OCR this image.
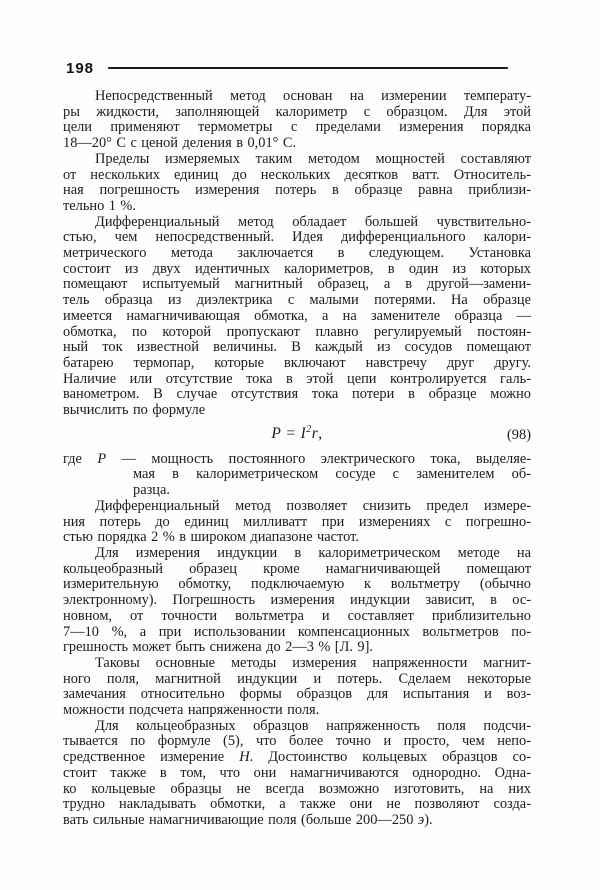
198
Непосредственный метод основан на измерении температу-
ры жидкости, заполняющей калориметр с образцом. Для этой
цели применяют термометры с пределами измерения порядка
18—20° С с ценой деления в 0,01° С.
Пределы измеряемых таким методом мощностей составляют
от нескольких единиц до нескольких десятков ватт. Относитель-
ная погрешность измерения потерь в образце равна приблизи-
тельно 1 %.
Дифференциальный метод обладает большей чувствительно-
стью, чем непосредственный. Идея дифференциального калори-
метрического метода заключается в следующем. Установка
состоит из двух идентичных калориметров, в один из которых
помещают испытуемый магнитный образец, а в другой—замени-
тель образца из диэлектрика с малыми потерями. На образце
имеется намагничивающая обмотка, а на заменителе образца —
обмотка, по которой пропускают плавно регулируемый постоян-
ный ток известной величины. В каждый из сосудов помещают
батарею термопар, которые включают навстречу друг другу.
Наличие или отсутствие тока в этой цепи контролируется галь-
ванометром. В случае отсутствия тока потери в образце можно
вычислить по формуле
$P = I^2r$,	(98)
где P — мощность постоянного электрического тока, выделяе-
мая в калориметрическом сосуде с заменителем об-
разца.
Дифференциальный метод позволяет снизить предел измере-
ния потерь до единиц милливатт при измерениях с погрешно-
стью порядка 2 % в широком диапазоне частот.
Для измерения индукции в калориметрическом методе на
кольцеобразный образец кроме намагничивающей помещают
измерительную обмотку, подключаемую к вольтметру (обычно
электронному). Погрешность измерения индукции зависит, в ос-
новном, от точности вольтметра и составляет приблизительно
7—10 %, а при использовании компенсационных вольтметров по-
грешность может быть снижена до 2—3 % [Л. 9].
Таковы основные методы измерения напряженности магнит-
ного поля, магнитной индукции и потерь. Сделаем некоторые
замечания относительно формы образцов для испытания и воз-
можности подсчета напряженности поля.
Для кольцеобразных образцов напряженность поля подсчи-
тывается по формуле (5), что более точно и просто, чем непо-
средственное измерение Н. Достоинство кольцевых образцов со-
стоит также в том, что они намагничиваются однородно. Одна-
ко кольцевые образцы не всегда возможно изготовить, на них
трудно накладывать обмотки, а также они не позволяют созда-
вать сильные намагничивающие поля (больше 200—250 э).
